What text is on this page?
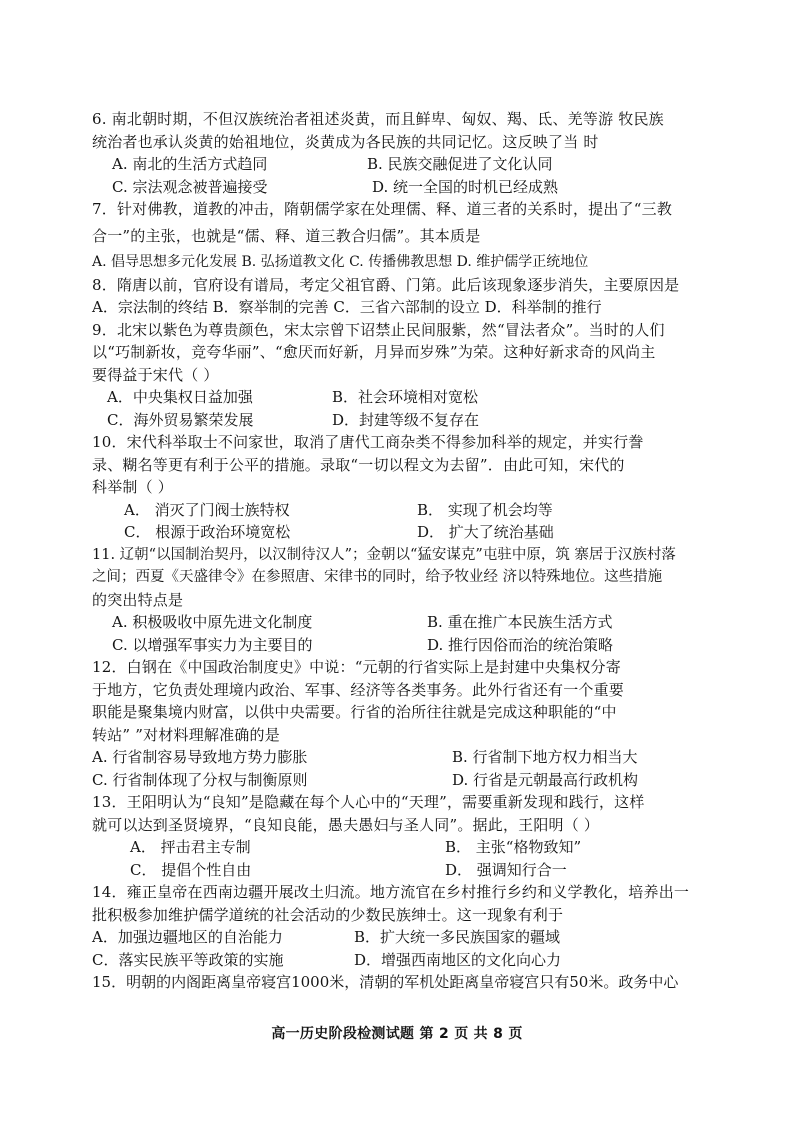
6. 南北朝时期，不但汉族统治者祖述炎黄，而且鲜卑、匈奴、羯、氐、羌等游 牧民族
统治者也承认炎黄的始祖地位，炎黄成为各民族的共同记忆。这反映了当 时
A. 南北的生活方式趋同	B. 民族交融促进了文化认同
C. 宗法观念被普遍接受	D. 统一全国的时机已经成熟
7．针对佛教，道教的冲击，隋朝儒学家在处理儒、释、道三者的关系时，提出了“三教
合一”的主张，也就是“儒、释、道三教合归儒”。其本质是
A. 倡导思想多元化发展 B. 弘扬道教文化 C. 传播佛教思想 D. 维护儒学正统地位
8．隋唐以前，官府设有谱局，考定父祖官爵、门第。此后该现象逐步消失，主要原因是
A．宗法制的终结 B．察举制的完善 C．三省六部制的设立 D．科举制的推行
9．北宋以紫色为尊贵颜色，宋太宗曾下诏禁止民间服紫，然“冒法者众”。当时的人们
以“巧制新妆，竞夸华丽”、“愈厌而好新，月异而岁殊”为荣。这种好新求奇的风尚主
要得益于宋代（ ）
A．中央集权日益加强	B．社会环境相对宽松
C．海外贸易繁荣发展	D．封建等级不复存在
10．宋代科举取士不问家世，取消了唐代工商杂类不得参加科举的规定，并实行誊
录、糊名等更有利于公平的措施。录取“一切以程文为去留”．由此可知，宋代的
科举制（ ）
A． 消灭了门阀士族特权	B． 实现了机会均等
C． 根源于政治环境宽松	D． 扩大了统治基础
11. 辽朝“以国制治契丹，以汉制待汉人”；金朝以“猛安谋克”屯驻中原，筑 寨居于汉族村落
之间；西夏《天盛律令》在参照唐、宋律书的同时，给予牧业经 济以特殊地位。这些措施
的突出特点是
A. 积极吸收中原先进文化制度	B. 重在推广本民族生活方式
C. 以增强军事实力为主要目的	D. 推行因俗而治的统治策略
12．白钢在《中国政治制度史》中说：“元朝的行省实际上是封建中央集权分寄
于地方，它负责处理境内政治、军事、经济等各类事务。此外行省还有一个重要
职能是聚集境内财富，以供中央需要。行省的治所往往就是完成这种职能的“中
转站” ”对材料理解准确的是
A. 行省制容易导致地方势力膨胀	B. 行省制下地方权力相当大
C. 行省制体现了分权与制衡原则	D. 行省是元朝最高行政机构
13．王阳明认为“良知”是隐藏在每个人心中的“天理”，需要重新发现和践行，这样
就可以达到圣贤境界，“良知良能，愚夫愚妇与圣人同”。据此，王阳明（ ）
A． 抨击君主专制	B． 主张“格物致知”
C． 提倡个性自由	D． 强调知行合一
14．雍正皇帝在西南边疆开展改土归流。地方流官在乡村推行乡约和义学教化，培养出一
批积极参加维护儒学道统的社会活动的少数民族绅士。这一现象有利于
A．加强边疆地区的自治能力	B．扩大统一多民族国家的疆域
C．落实民族平等政策的实施	D．增强西南地区的文化向心力
15．明朝的内阁距离皇帝寝宫1000米，清朝的军机处距离皇帝寝宫只有50米。政务中心
高一历史阶段检测试题 第 2 页 共 8 页
